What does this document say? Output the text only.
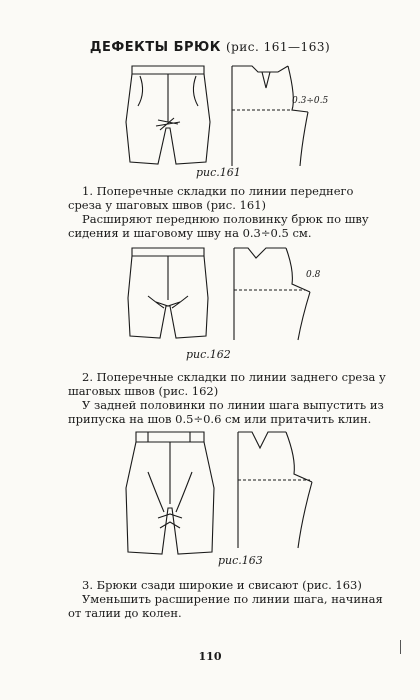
ДЕФЕКТЫ БРЮК (рис. 161—163)
0.3÷0.5
рис.161
1. Поперечные складки по линии переднего среза у шаговых швов (рис. 161)
Расширяют переднюю половинку брюк по шву сидения и шаговому шву на 0.3÷0.5 см.
0.8
рис.162
2. Поперечные складки по линии заднего среза у шаговых швов (рис. 162)
У задней половинки по линии шага выпустить из припуска на шов 0.5÷0.6 см или притачить клин.
рис.163
3. Брюки сзади широкие и свисают (рис. 163)
Уменьшить расширение по линии шага, начиная от талии до колен.
110
